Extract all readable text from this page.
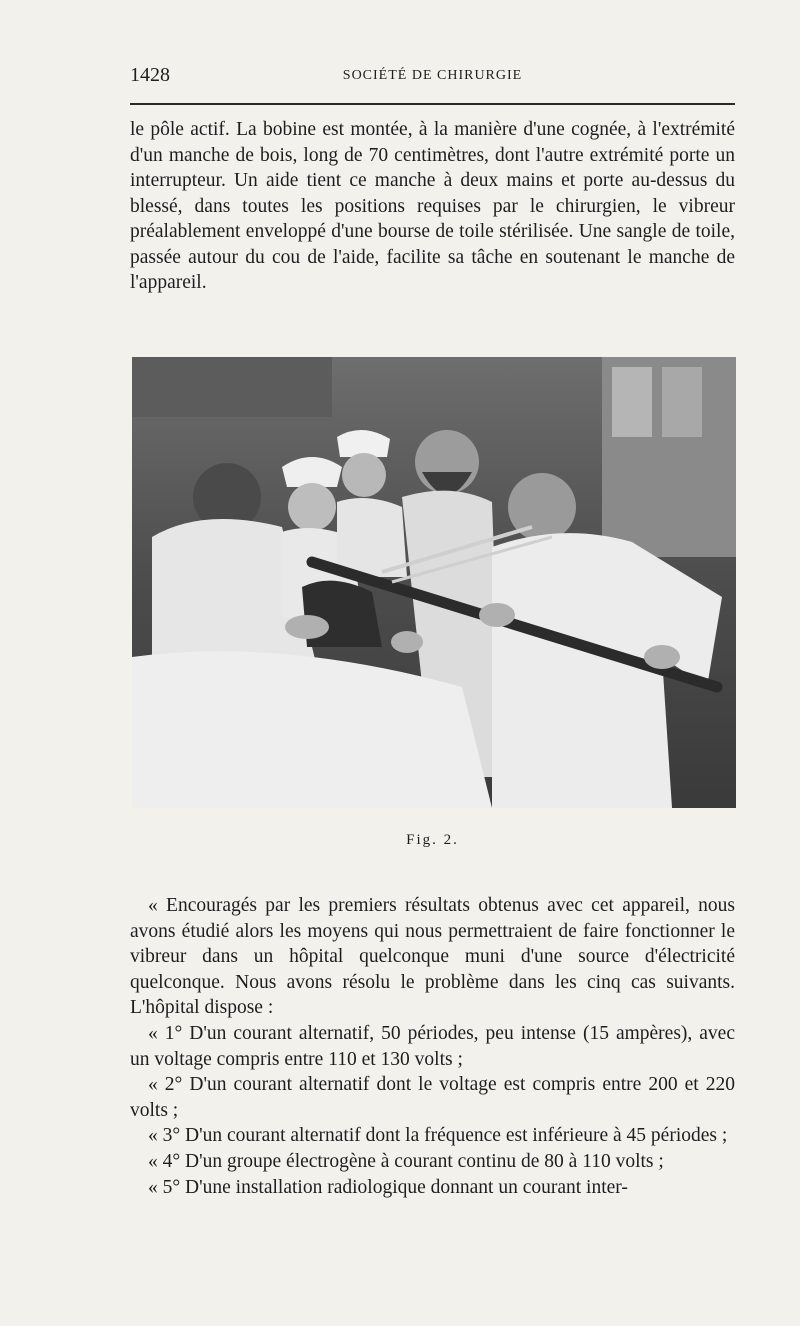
1428	SOCIÉTÉ DE CHIRURGIE

le pôle actif. La bobine est montée, à la manière d'une cognée, à l'extrémité d'un manche de bois, long de 70 centimètres, dont l'autre extrémité porte un interrupteur. Un aide tient ce manche à deux mains et porte au-dessus du blessé, dans toutes les positions requises par le chirurgien, le vibreur préalablement enveloppé d'une bourse de toile stérilisée. Une sangle de toile, passée autour du cou de l'aide, facilite sa tâche en soutenant le manche de l'appareil.

Fig. 2.

« Encouragés par les premiers résultats obtenus avec cet appareil, nous avons étudié alors les moyens qui nous permettraient de faire fonctionner le vibreur dans un hôpital quelconque muni d'une source d'électricité quelconque. Nous avons résolu le problème dans les cinq cas suivants. L'hôpital dispose :

« 1° D'un courant alternatif, 50 périodes, peu intense (15 ampères), avec un voltage compris entre 110 et 130 volts ;

« 2° D'un courant alternatif dont le voltage est compris entre 200 et 220 volts ;

« 3° D'un courant alternatif dont la fréquence est inférieure à 45 périodes ;

« 4° D'un groupe électrogène à courant continu de 80 à 110 volts ;

« 5° D'une installation radiologique donnant un courant inter-
